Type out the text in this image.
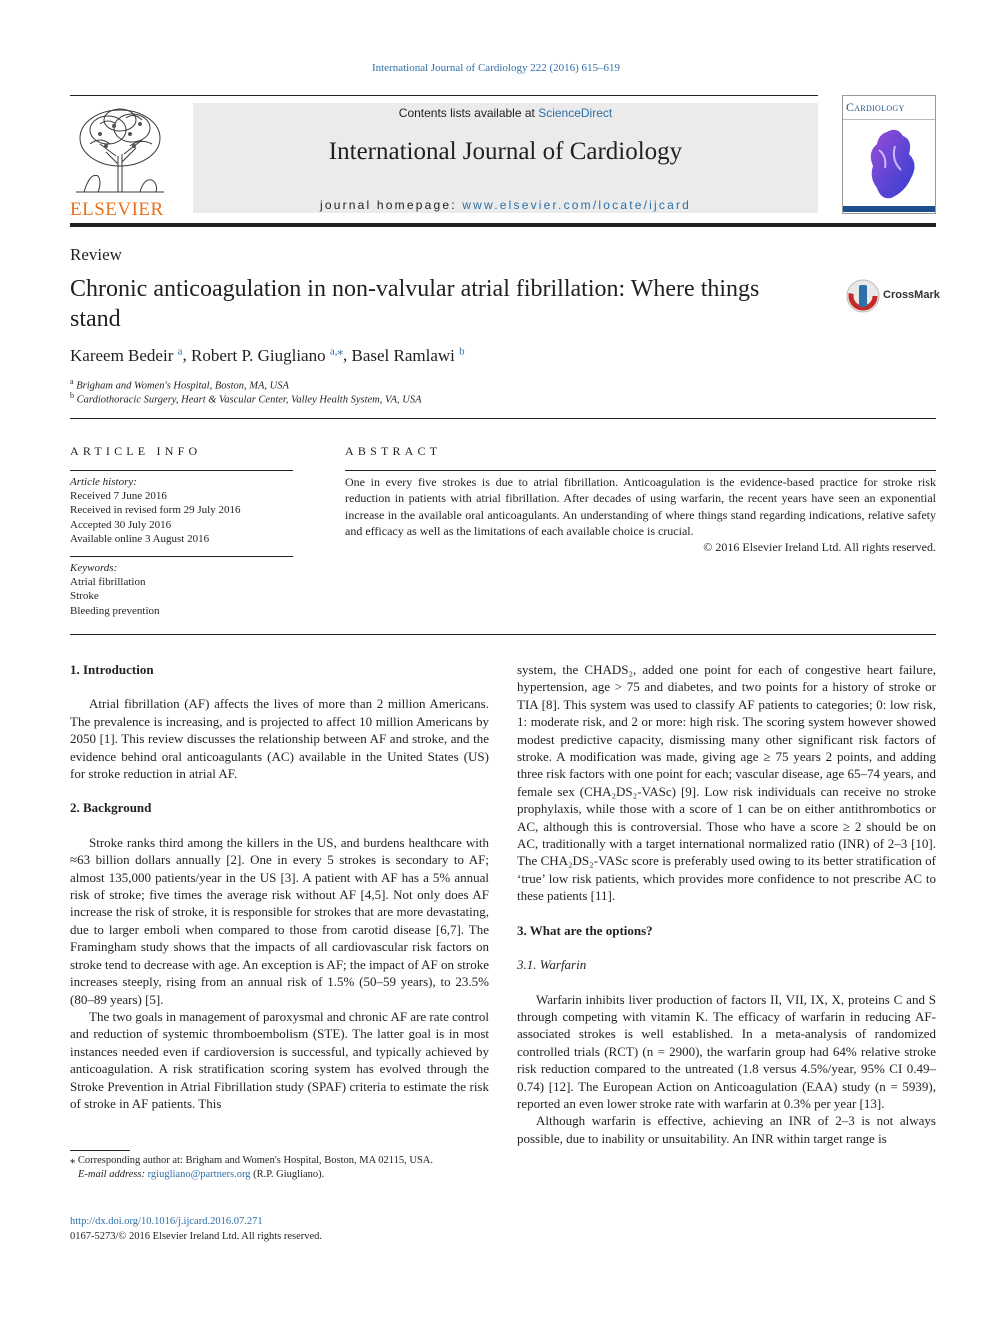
International Journal of Cardiology 222 (2016) 615–619
ELSEVIER
Contents lists available at ScienceDirect
International Journal of Cardiology
journal homepage: www.elsevier.com/locate/ijcard
Cardiology
Review
Chronic anticoagulation in non-valvular atrial fibrillation: Where things stand
CrossMark
Kareem Bedeir $^a$, Robert P. Giugliano $^{a,⁎}$, Basel Ramlawi $^b$
$^a$ Brigham and Women's Hospital, Boston, MA, USA
$^b$ Cardiothoracic Surgery, Heart & Vascular Center, Valley Health System, VA, USA
ARTICLE INFO
Article history:
Received 7 June 2016
Received in revised form 29 July 2016
Accepted 30 July 2016
Available online 3 August 2016
Keywords:
Atrial fibrillation
Stroke
Bleeding prevention
ABSTRACT
One in every five strokes is due to atrial fibrillation. Anticoagulation is the evidence-based practice for stroke risk reduction in patients with atrial fibrillation. After decades of using warfarin, the recent years have seen an exponential increase in the available oral anticoagulants. An understanding of where things stand regarding indications, relative safety and efficacy as well as the limitations of each available choice is crucial.
© 2016 Elsevier Ireland Ltd. All rights reserved.
1. Introduction

Atrial fibrillation (AF) affects the lives of more than 2 million Americans. The prevalence is increasing, and is projected to affect 10 million Americans by 2050 [1]. This review discusses the relationship between AF and stroke, and the evidence behind oral anticoagulants (AC) available in the United States (US) for stroke reduction in atrial AF.

2. Background

Stroke ranks third among the killers in the US, and burdens healthcare with ≈63 billion dollars annually [2]. One in every 5 strokes is secondary to AF; almost 135,000 patients/year in the US [3]. A patient with AF has a 5% annual risk of stroke; five times the average risk without AF [4,5]. Not only does AF increase the risk of stroke, it is responsible for strokes that are more devastating, due to larger emboli when compared to those from carotid disease [6,7]. The Framingham study shows that the impacts of all cardiovascular risk factors on stroke tend to decrease with age. An exception is AF; the impact of AF on stroke increases steeply, rising from an annual risk of 1.5% (50–59 years), to 23.5% (80–89 years) [5].

The two goals in management of paroxysmal and chronic AF are rate control and reduction of systemic thromboembolism (STE). The latter goal is in most instances needed even if cardioversion is successful, and typically achieved by anticoagulation. A risk stratification scoring system has evolved through the Stroke Prevention in Atrial Fibrillation study (SPAF) criteria to estimate the risk of stroke in AF patients. This

⁎ Corresponding author at: Brigham and Women's Hospital, Boston, MA 02115, USA.
E-mail address: rgiugliano@partners.org (R.P. Giugliano).
http://dx.doi.org/10.1016/j.ijcard.2016.07.271
0167-5273/© 2016 Elsevier Ireland Ltd. All rights reserved.

system, the CHADS₂, added one point for each of congestive heart failure, hypertension, age > 75 and diabetes, and two points for a history of stroke or TIA [8]. This system was used to classify AF patients to categories; 0: low risk, 1: moderate risk, and 2 or more: high risk. The scoring system however showed modest predictive capacity, dismissing many other significant risk factors of stroke. A modification was made, giving age ≥ 75 years 2 points, and adding three risk factors with one point for each; vascular disease, age 65–74 years, and female sex (CHA₂DS₂-VASc) [9]. Low risk individuals can receive no stroke prophylaxis, while those with a score of 1 can be on either antithrombotics or AC, although this is controversial. Those who have a score ≥ 2 should be on AC, traditionally with a target international normalized ratio (INR) of 2–3 [10]. The CHA₂DS₂-VASc score is preferably used owing to its better stratification of ‘true’ low risk patients, which provides more confidence to not prescribe AC to these patients [11].

3. What are the options?
3.1. Warfarin

Warfarin inhibits liver production of factors II, VII, IX, X, proteins C and S through competing with vitamin K. The efficacy of warfarin in reducing AF-associated strokes is well established. In a meta-analysis of randomized controlled trials (RCT) (n = 2900), the warfarin group had 64% relative stroke risk reduction compared to the untreated (1.8 versus 4.5%/year, 95% CI 0.49–0.74) [12]. The European Action on Anticoagulation (EAA) study (n = 5939), reported an even lower stroke rate with warfarin at 0.3% per year [13].

Although warfarin is effective, achieving an INR of 2–3 is not always possible, due to inability or unsuitability. An INR within target range is
